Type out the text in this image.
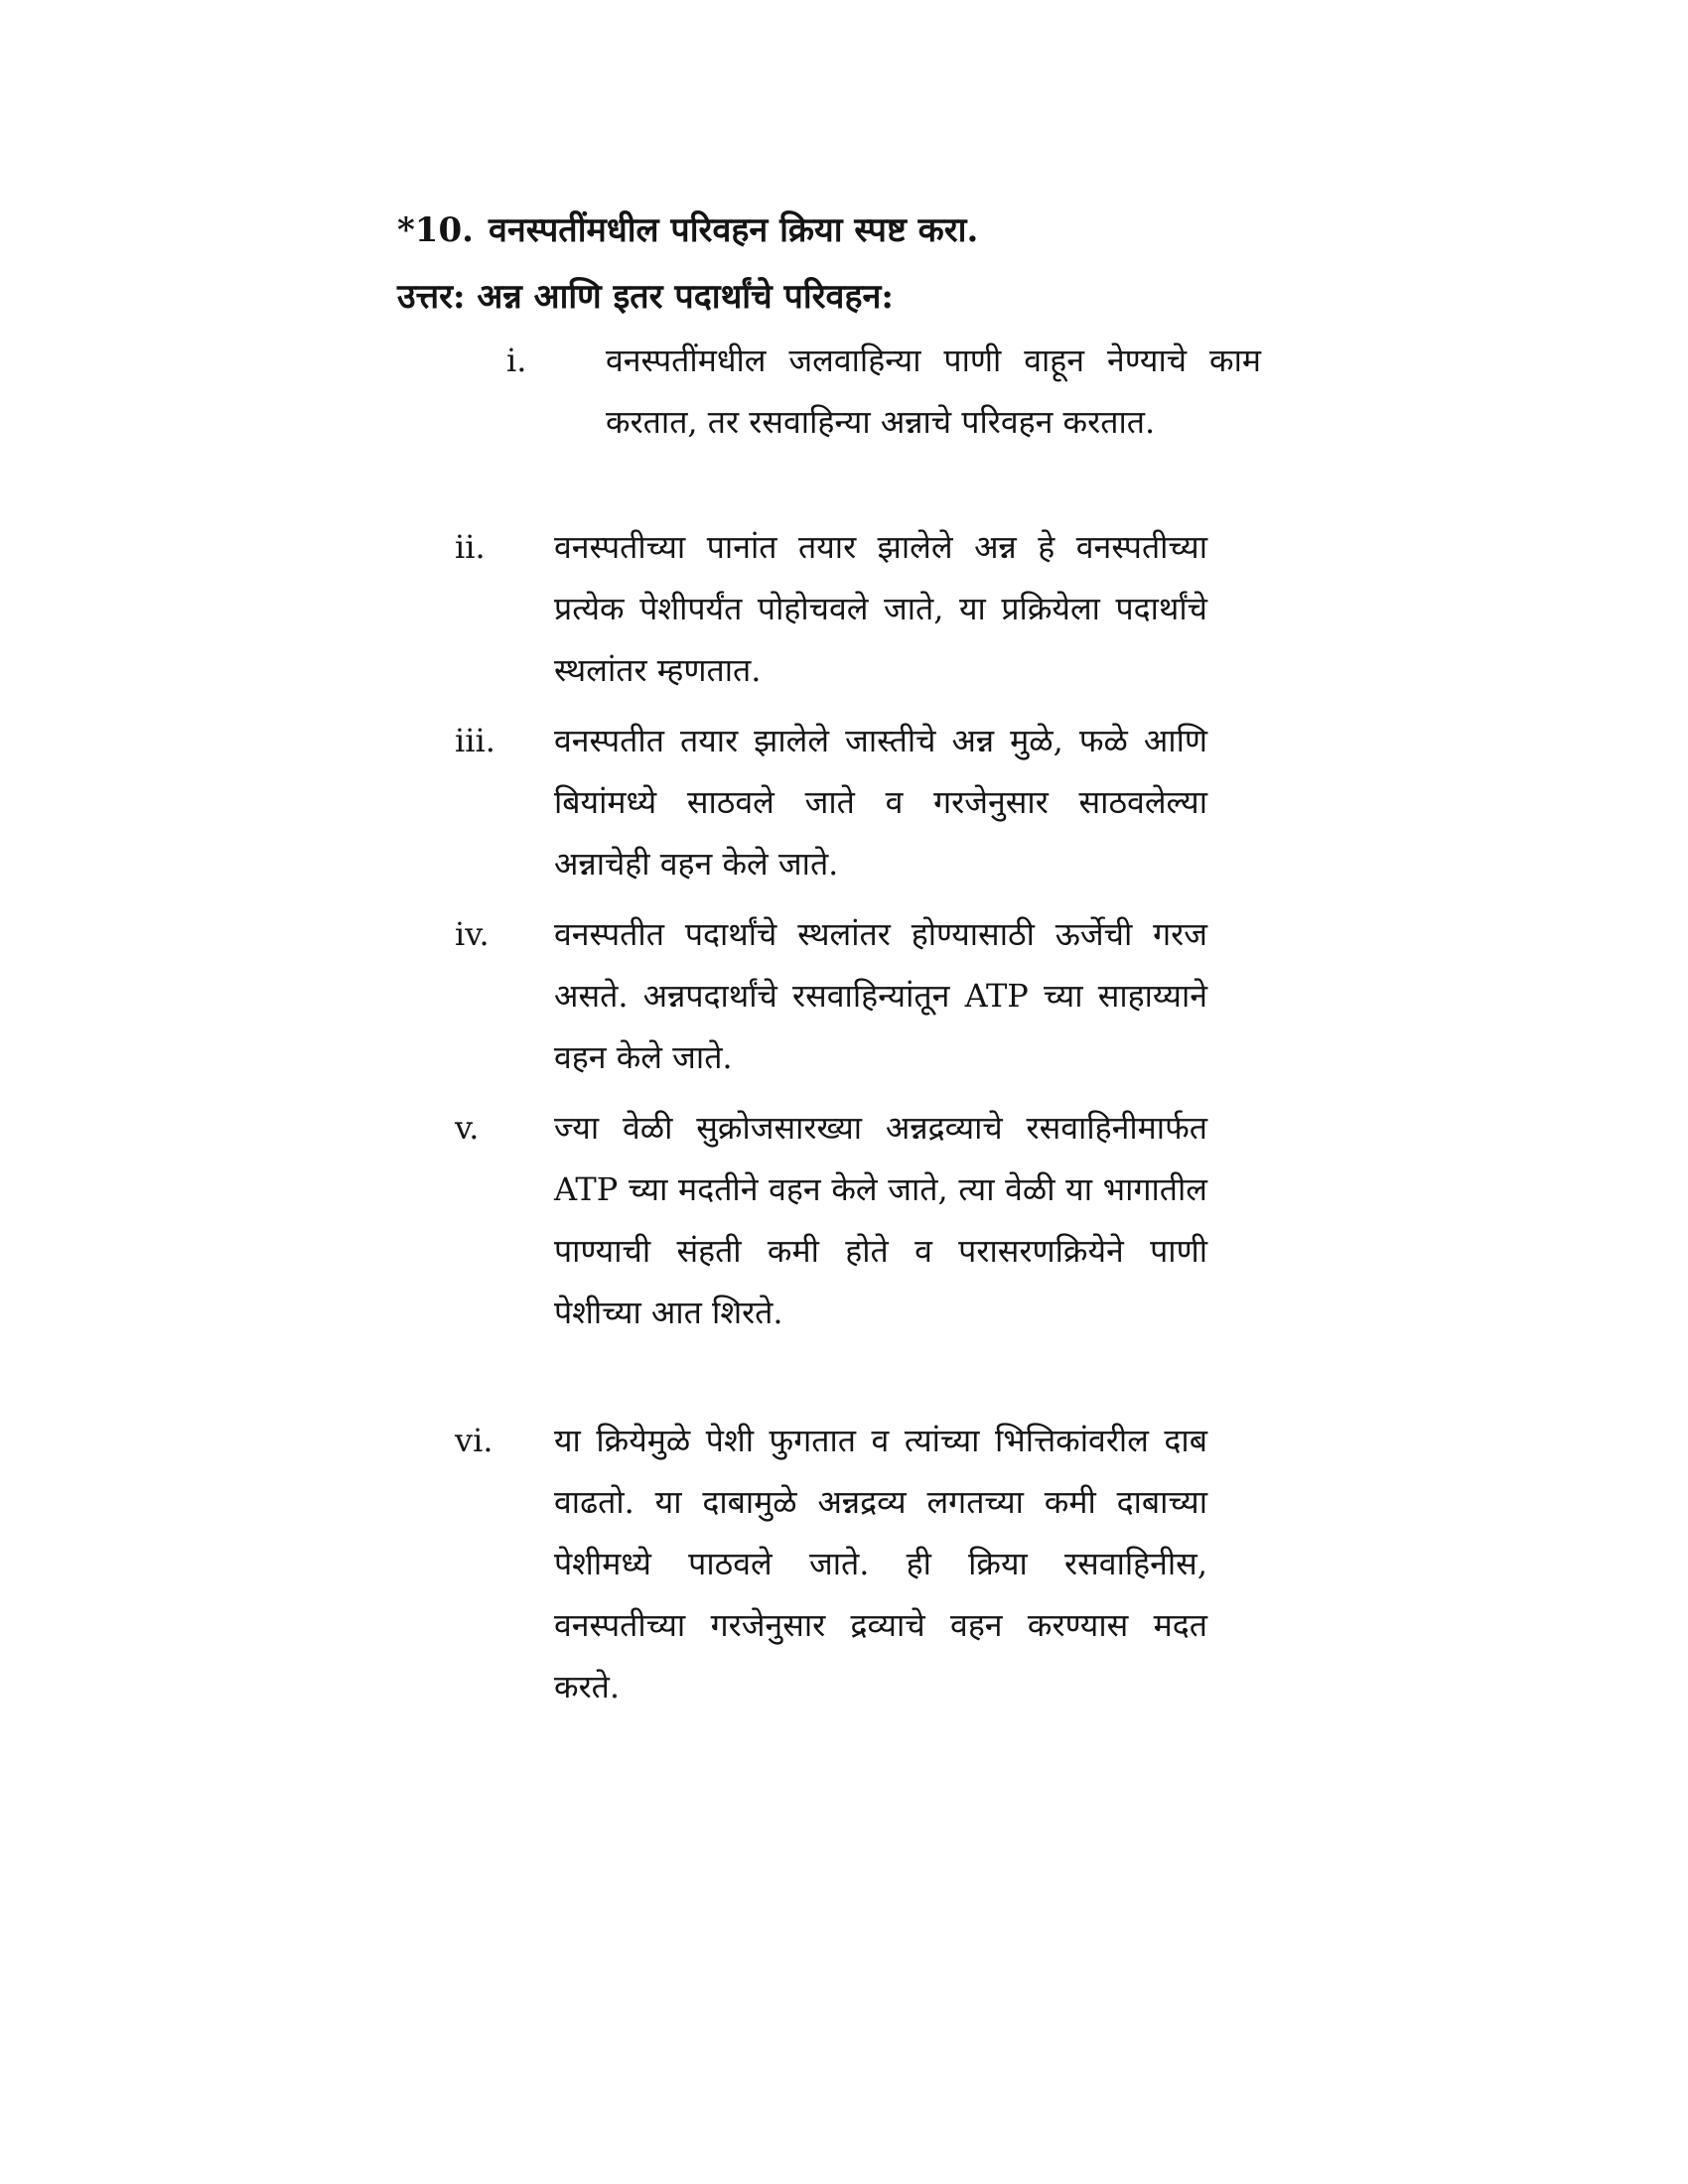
*10. वनस्पतींमधील परिवहन क्रिया स्पष्ट करा.
उत्तर: अन्न आणि इतर पदार्थांचे परिवहन:
i.	वनस्पतींमधील जलवाहिन्या पाणी वाहून नेण्याचे काम करतात, तर रसवाहिन्या अन्नाचे परिवहन करतात.
ii.	वनस्पतीच्या पानांत तयार झालेले अन्न हे वनस्पतीच्या प्रत्येक पेशीपर्यंत पोहोचवले जाते, या प्रक्रियेला पदार्थांचे स्थलांतर म्हणतात.
iii.	वनस्पतीत तयार झालेले जास्तीचे अन्न मुळे, फळे आणि बियांमध्ये साठवले जाते व गरजेनुसार साठवलेल्या अन्नाचेही वहन केले जाते.
iv.	वनस्पतीत पदार्थांचे स्थलांतर होण्यासाठी ऊर्जेची गरज असते. अन्नपदार्थांचे रसवाहिन्यांतून ATP च्या साहाय्याने वहन केले जाते.
v.	ज्या वेळी सुक्रोजसारख्या अन्नद्रव्याचे रसवाहिनीमार्फत ATP च्या मदतीने वहन केले जाते, त्या वेळी या भागातील पाण्याची संहती कमी होते व परासरणक्रियेने पाणी पेशीच्या आत शिरते.
vi.	या क्रियेमुळे पेशी फुगतात व त्यांच्या भित्तिकांवरील दाब वाढतो. या दाबामुळे अन्नद्रव्य लगतच्या कमी दाबाच्या पेशीमध्ये पाठवले जाते. ही क्रिया रसवाहिनीस, वनस्पतीच्या गरजेनुसार द्रव्याचे वहन करण्यास मदत करते.
